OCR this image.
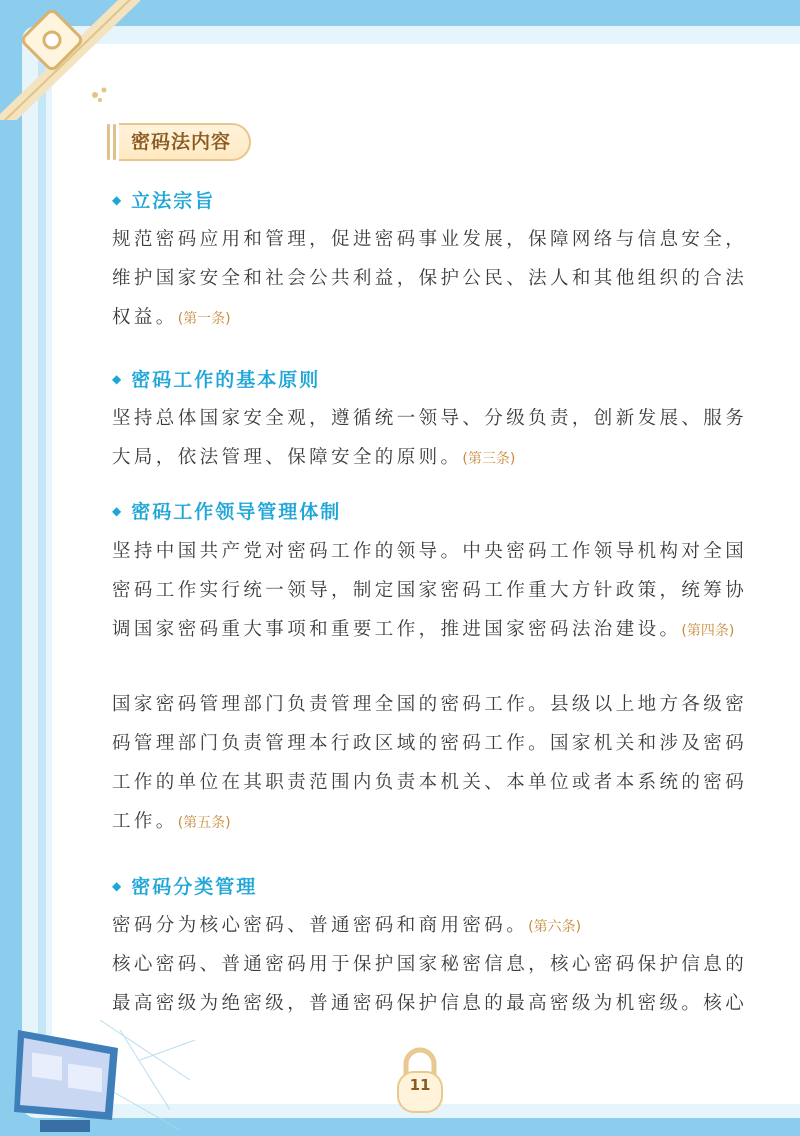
密码法内容
◆ 立法宗旨
规范密码应用和管理，促进密码事业发展，保障网络与信息安全，
维护国家安全和社会公共利益，保护公民、法人和其他组织的合法
权益。(第一条)
◆ 密码工作的基本原则
坚持总体国家安全观，遵循统一领导、分级负责，创新发展、服务
大局，依法管理、保障安全的原则。(第三条)
◆ 密码工作领导管理体制
坚持中国共产党对密码工作的领导。中央密码工作领导机构对全国
密码工作实行统一领导，制定国家密码工作重大方针政策，统筹协
调国家密码重大事项和重要工作，推进国家密码法治建设。(第四条)
国家密码管理部门负责管理全国的密码工作。县级以上地方各级密
码管理部门负责管理本行政区域的密码工作。国家机关和涉及密码
工作的单位在其职责范围内负责本机关、本单位或者本系统的密码
工作。(第五条)
◆ 密码分类管理
密码分为核心密码、普通密码和商用密码。(第六条)
核心密码、普通密码用于保护国家秘密信息，核心密码保护信息的
最高密级为绝密级，普通密码保护信息的最高密级为机密级。核心
11
